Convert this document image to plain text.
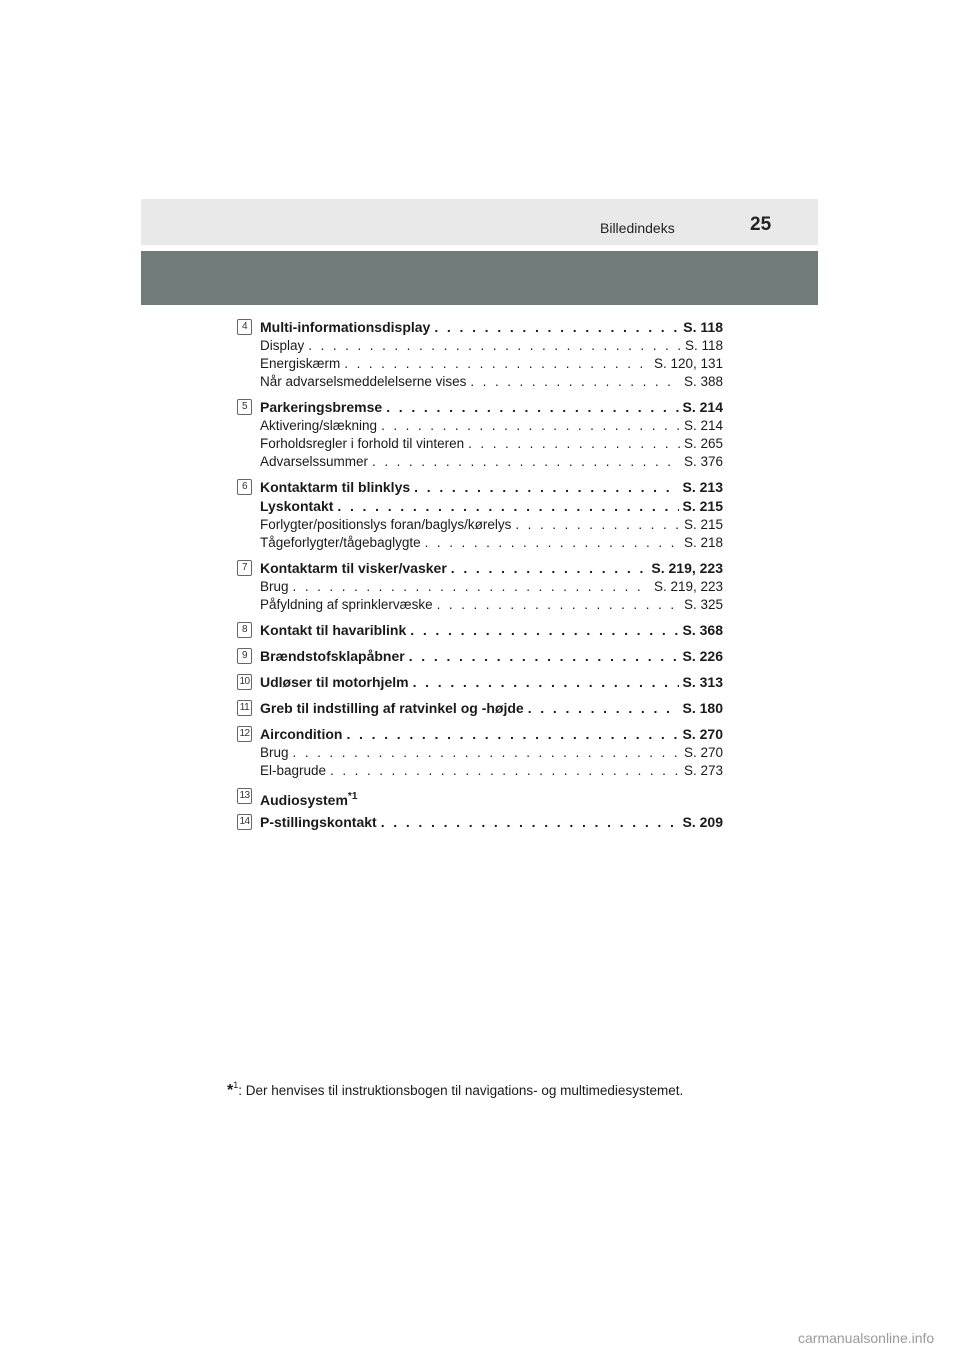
Billedindeks	25
4 Multi-informationsdisplay . . .	S. 118
Display . . .	S. 118
Energiskærm . . .	S. 120, 131
Når advarselsmeddelelserne vises . . .	S. 388
5 Parkeringsbremse . . .	S. 214
Aktivering/slækning . . .	S. 214
Forholdsregler i forhold til vinteren . . .	S. 265
Advarselssummer . . .	S. 376
6 Kontaktarm til blinklys . . .	S. 213
Lyskontakt . . .	S. 215
Forlygter/positionslys foran/baglys/kørelys . . .	S. 215
Tågeforlygter/tågebaglygte . . .	S. 218
7 Kontaktarm til visker/vasker . . .	S. 219, 223
Brug . . .	S. 219, 223
Påfyldning af sprinklervæske . . .	S. 325
8 Kontakt til havariblink . . .	S. 368
9 Brændstofsklapåbner . . .	S. 226
10 Udløser til motorhjelm . . .	S. 313
11 Greb til indstilling af ratvinkel og -højde . . .	S. 180
12 Aircondition . . .	S. 270
Brug . . .	S. 270
El-bagrude . . .	S. 273
13 Audiosystem$^{*1}$
14 P-stillingskontakt . . .	S. 209
*$^1$: Der henvises til instruktionsbogen til navigations- og multimediesystemet.
carmanualsonline.info
